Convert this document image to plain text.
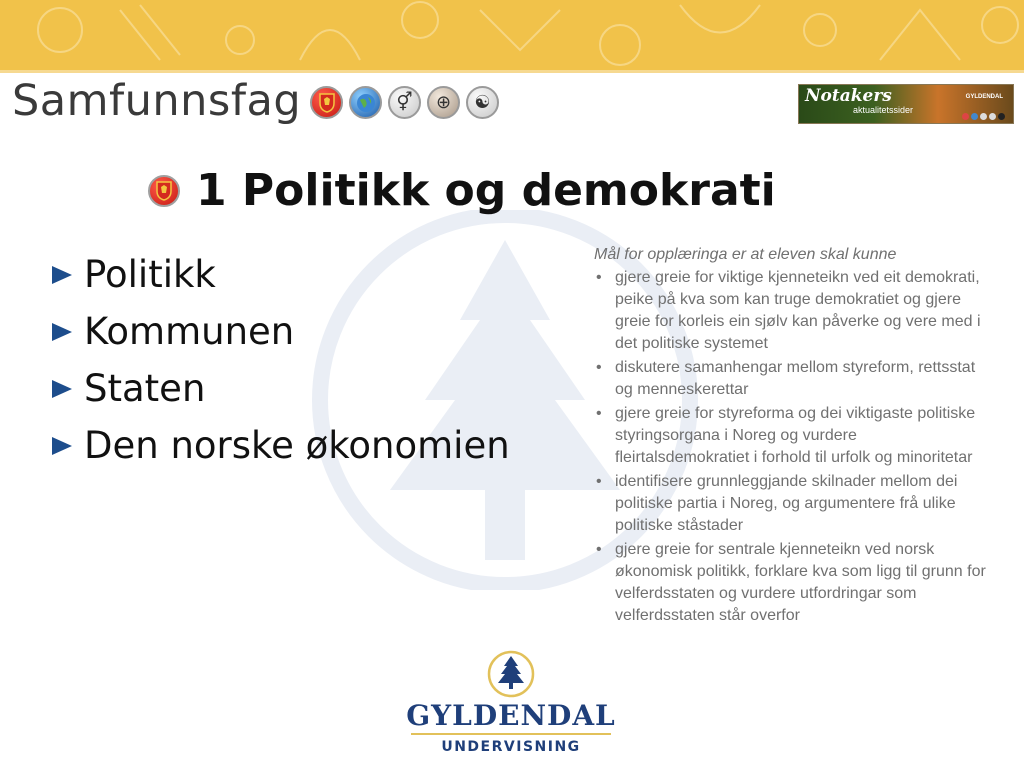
Samfunnsfag	⚥	⊕	☯	Notakers
aktualitetssider
GYLDENDAL
1 Politikk og demokrati
Politikk
Kommunen
Staten
Den norske økonomien
Mål for opplæringa er at eleven skal kunne
• gjere greie for viktige kjenneteikn ved eit demokrati, peike på kva som kan truge demokratiet og gjere greie for korleis ein sjølv kan påverke og vere med i det politiske systemet
• diskutere samanhengar mellom styreform, rettsstat og menneskerettar
• gjere greie for styreforma og dei viktigaste politiske styringsorgana i Noreg og vurdere fleirtalsdemokratiet i forhold til urfolk og minoritetar
• identifisere grunnleggjande skilnader mellom dei politiske partia i Noreg, og argumentere frå ulike politiske ståstader
• gjere greie for sentrale kjenneteikn ved norsk økonomisk politikk, forklare kva som ligg til grunn for velferdsstaten og vurdere utfordringar som velferdsstaten står overfor
GYLDENDAL
UNDERVISNING
